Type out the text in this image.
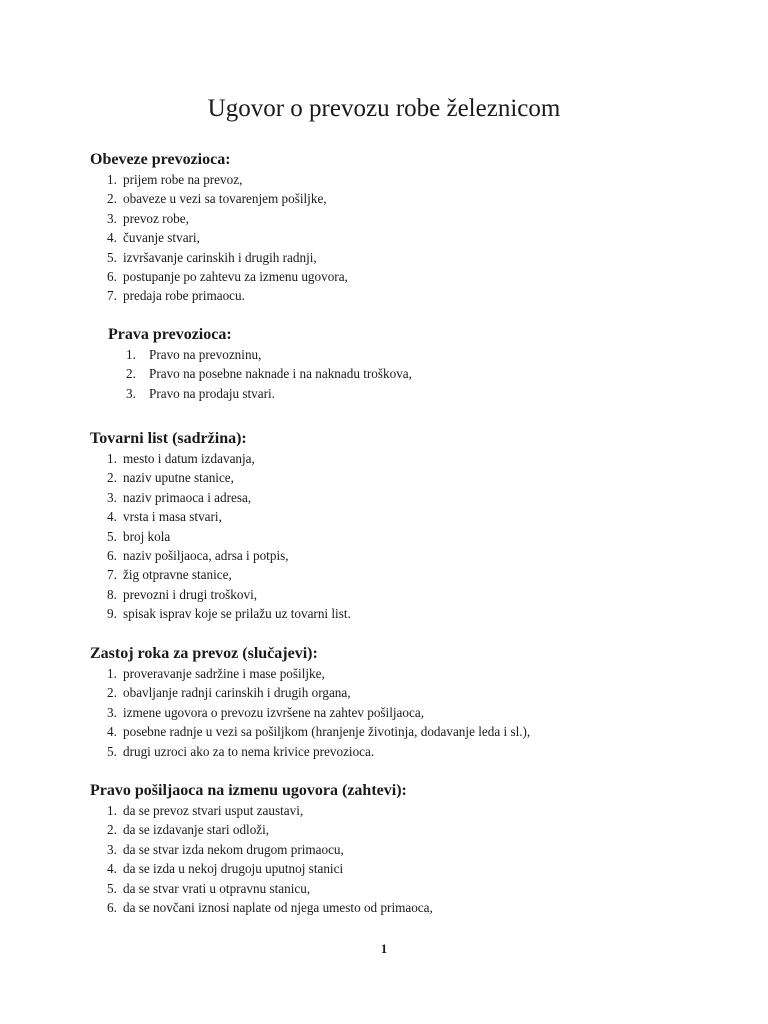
Ugovor o prevozu robe železnicom

Obeveze prevozioca:

1. prijem robe na prevoz,
2. obaveze u vezi sa tovarenjem pošiljke,
3. prevoz robe,
4. čuvanje stvari,
5. izvršavanje carinskih i drugih radnji,
6. postupanje po zahtevu za izmenu ugovora,
7. predaja robe primaocu.

Prava prevozioca:

1. Pravo na prevozninu,
2. Pravo na posebne naknade i na naknadu troškova,
3. Pravo na prodaju stvari.

Tovarni list (sadržina):

1. mesto i datum izdavanja,
2. naziv uputne stanice,
3. naziv primaoca i adresa,
4. vrsta i masa stvari,
5. broj kola
6. naziv pošiljaoca, adrsa i potpis,
7. žig otpravne stanice,
8. prevozni i drugi troškovi,
9. spisak isprav koje se prilažu uz tovarni list.

Zastoj roka za prevoz (slučajevi):

1. proveravanje sadržine i mase pošiljke,
2. obavljanje radnji carinskih i drugih organa,
3. izmene ugovora o prevozu izvršene na zahtev pošiljaoca,
4. posebne radnje u vezi sa pošiljkom (hranjenje životinja, dodavanje leda i sl.),
5. drugi uzroci ako za to nema krivice prevozioca.

Pravo pošiljaoca na izmenu ugovora (zahtevi):

1. da se prevoz stvari usput zaustavi,
2. da se izdavanje stari odloži,
3. da se stvar izda nekom drugom primaocu,
4. da se izda u nekoj drugoju uputnoj stanici
5. da se stvar vrati u otpravnu stanicu,
6. da se novčani iznosi naplate od njega umesto od primaoca,
1
